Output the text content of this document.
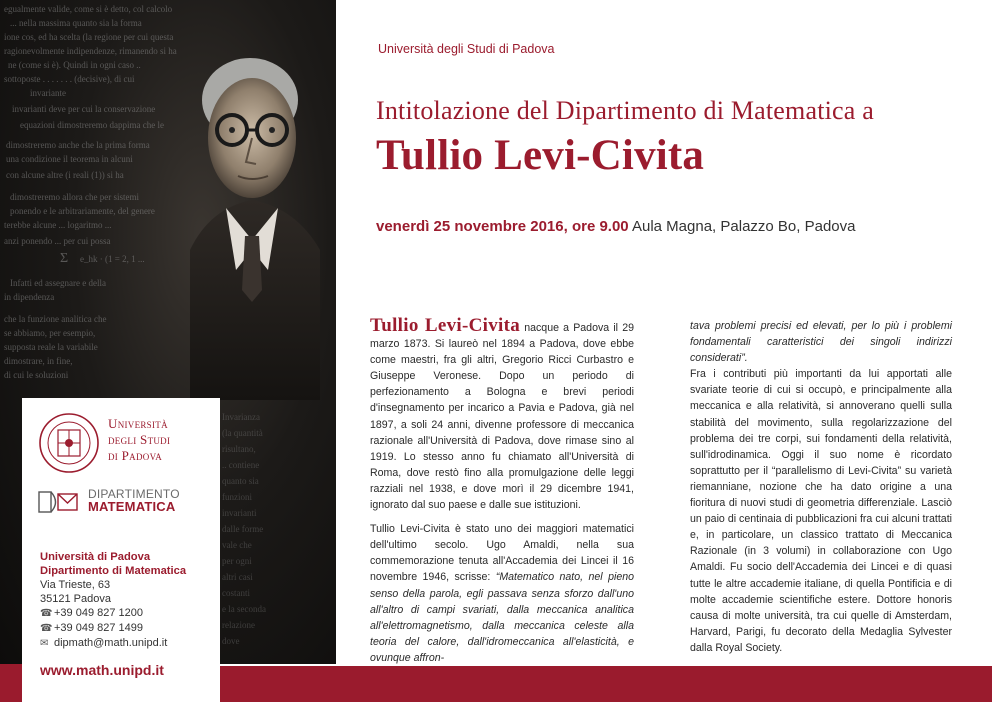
egualmente valide, come si è detto, col calcolo
... nella massima quanto sia la forma
ione cos, ed ha scelta (la regione per cui questa
ragionevolmente indipendenze, rimanendo si ha
ne (come si è). Quindi in ogni caso ..
sottoposte . . . . . . . (decisive), di cui
invariante
invarianti deve per cui la conservazione
equazioni dimostreremo dappima che le
dimostreremo anche che la prima forma
una condizione il teorema in alcuni
con alcune altre (i reali (1)) si ha
dimostreremo allora che per sistemi
ponendo e le arbitrariamente, del genere
terebbe alcune ... logaritmo ...
anzi ponendo ... per cui possa
Σ e_hk · (1 = 2, 1 ...
Infatti ed assegnare e della
in dipendenza
che la funzione analitica che
se abbiamo, per esempio,
supposta reale la variabile
dimostrare, in fine,
di cui le soluzioni
Invarianza
(la quantità
risultano,
.. contiene
quanto sia
funzioni
invarianti
dalle forme
vale che
per ogni
altri casi
costanti
e la seconda
relazione
dove
Università
degli Studi
di Padova
DIPARTIMENTO
MATEMATICA
Università di Padova
Dipartimento di Matematica
Via Trieste, 63
35121 Padova
☎ +39 049 827 1200
☎ +39 049 827 1499
✉ dipmath@math.unipd.it
www.math.unipd.it
Università degli Studi di Padova
Intitolazione del Dipartimento di Matematica a
Tullio Levi-Civita
venerdì 25 novembre 2016, ore 9.00 Aula Magna, Palazzo Bo, Padova

Tullio Levi-Civita nacque a Padova il 29 marzo 1873. Si laureò nel 1894 a Padova, dove ebbe come maestri, fra gli altri, Gregorio Ricci Curbastro e Giuseppe Veronese. Dopo un periodo di perfezionamento a Bologna e brevi periodi d'insegnamento per incarico a Pavia e Padova, già nel 1897, a soli 24 anni, divenne professore di meccanica razionale all'Università di Padova, dove rimase sino al 1919. Lo stesso anno fu chiamato all'Università di Roma, dove restò fino alla promulgazione delle leggi razziali nel 1938, e dove morì il 29 dicembre 1941, ignorato dal suo paese e dalle sue istituzioni.

Tullio Levi-Civita è stato uno dei maggiori matematici dell'ultimo secolo. Ugo Amaldi, nella sua commemorazione tenuta all'Accademia dei Lincei il 16 novembre 1946, scrisse: “Matematico nato, nel pieno senso della parola, egli passava senza sforzo dall'uno all'altro di campi svariati, dalla meccanica analitica all'elettromagnetismo, dalla meccanica celeste alla teoria del calore, dall'idromeccanica all'elasticità, e ovunque affron-

tava problemi precisi ed elevati, per lo più i problemi fondamentali caratteristici dei singoli indirizzi considerati”.

Fra i contributi più importanti da lui apportati alle svariate teorie di cui si occupò, e principalmente alla meccanica e alla relatività, si annoverano quelli sulla stabilità del movimento, sulla regolarizzazione del problema dei tre corpi, sui fondamenti della relatività, sull'idrodinamica. Oggi il suo nome è ricordato soprattutto per il “parallelismo di Levi-Civita” su varietà riemanniane, nozione che ha dato origine a una fioritura di nuovi studi di geometria differenziale. Lasciò un paio di centinaia di pubblicazioni fra cui alcuni trattati e, in particolare, un classico trattato di Meccanica Razionale (in 3 volumi) in collaborazione con Ugo Amaldi. Fu socio dell'Accademia dei Lincei e di quasi tutte le altre accademie italiane, di quella Pontificia e di molte accademie scientifiche estere. Dottore honoris causa di molte università, tra cui quelle di Amsterdam, Harvard, Parigi, fu decorato della Medaglia Sylvester dalla Royal Society.
